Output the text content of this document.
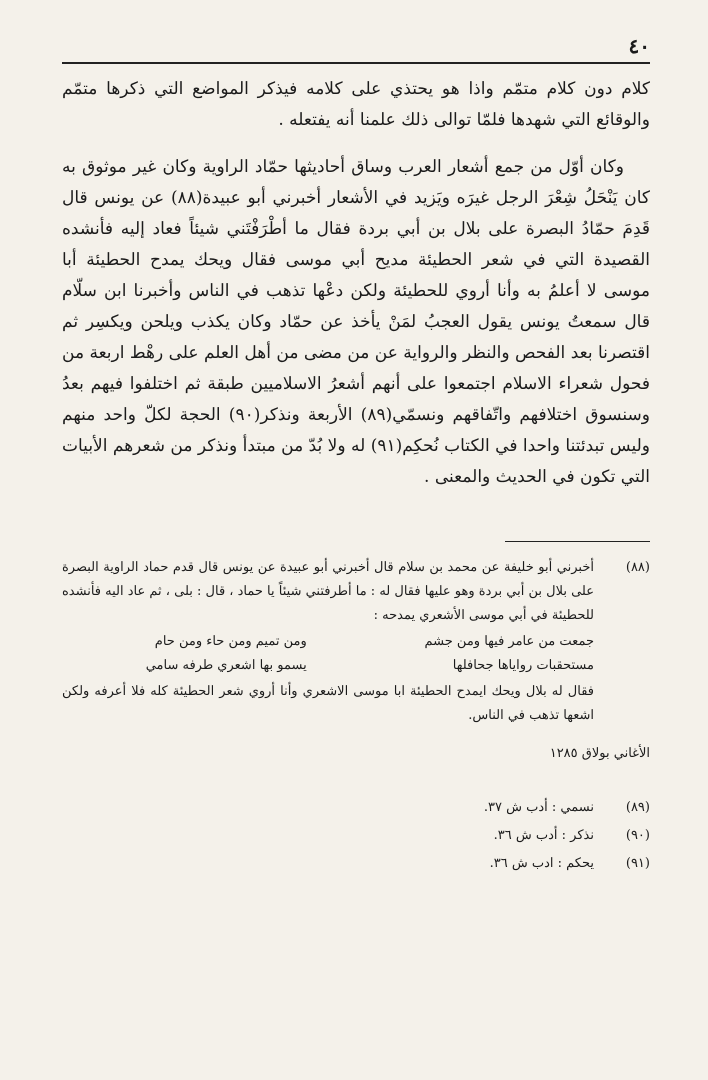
٤٠

كلام دون كلام متمّم واذا هو يحتذي على كلامه فيذكر المواضع التي ذكرها متمّم والوقائع التي شهدها فلمّا توالى ذلك علمنا أنه يفتعله .

وكان أوّل من جمع أشعار العرب وساق أحاديثها حمّاد الراوية وكان غير موثوق به كان يَنْحَلُ شِعْرَ الرجل غيرَه ويَزيد في الأشعار أخبرني أبو عبيدة(٨٨) عن يونس قال قَدِمَ حمّادُ البصرة على بلال بن أبي بردة فقال ما أطْرَفْتَني شيئاً فعاد إليه فأنشده القصيدة التي في شعر الحطيئة مديح أبي موسى فقال ويحك يمدح الحطيئة أبا موسى لا أعلمُ به وأنا أروي للحطيئة ولكن دعْها تذهب في الناس وأخبرنا ابن سلّام قال سمعتُ يونس يقول العجبُ لمَنْ يأخذ عن حمّاد وكان يكذب ويلحن ويكسِر ثم اقتصرنا بعد الفحص والنظر والرواية عن من مضى من أهل العلم على رهْط اربعة من فحول شعراء الاسلام اجتمعوا على أنهم أشعرُ الاسلاميين طبقة ثم اختلفوا فيهم بعدُ وسنسوق اختلافهم واتّفاقهم ونسمّي(٨٩) الأربعة ونذكر(٩٠) الحجة لكلّ واحد منهم وليس تبدئتنا واحدا في الكتاب نُحكِم(٩١) له ولا بُدّ من مبتدأ ونذكر من شعرهم الأبيات التي تكون في الحديث والمعنى .

(٨٨)

أخبرني أبو خليفة عن محمد بن سلام قال أخبرني أبو عبيدة عن يونس قال قدم حماد الراوية البصرة على بلال بن أبي بردة وهو عليها فقال له : ما أطرفتني شيئاً يا حماد ، قال : بلى ، ثم عاد اليه فأنشده للحطيئة في أبي موسى الأشعري يمدحه :

جمعت من عامر فيها ومن جشم
ومن تميم ومن حاء ومن حام
مستحقبات رواياها جحافلها
يسمو بها اشعري طرفه سامي

فقال له بلال ويحك ايمدح الحطيئة ابا موسى الاشعري وأنا أروي شعر الحطيئة كله فلا أعرفه ولكن اشعها تذهب في الناس.

الأغاني بولاق ١٢٨٥
(٨٩)
نسمي : أدب ش ٣٧.
(٩٠)
نذكر : أدب ش ٣٦.
(٩١)
يحكم : ادب ش ٣٦.
